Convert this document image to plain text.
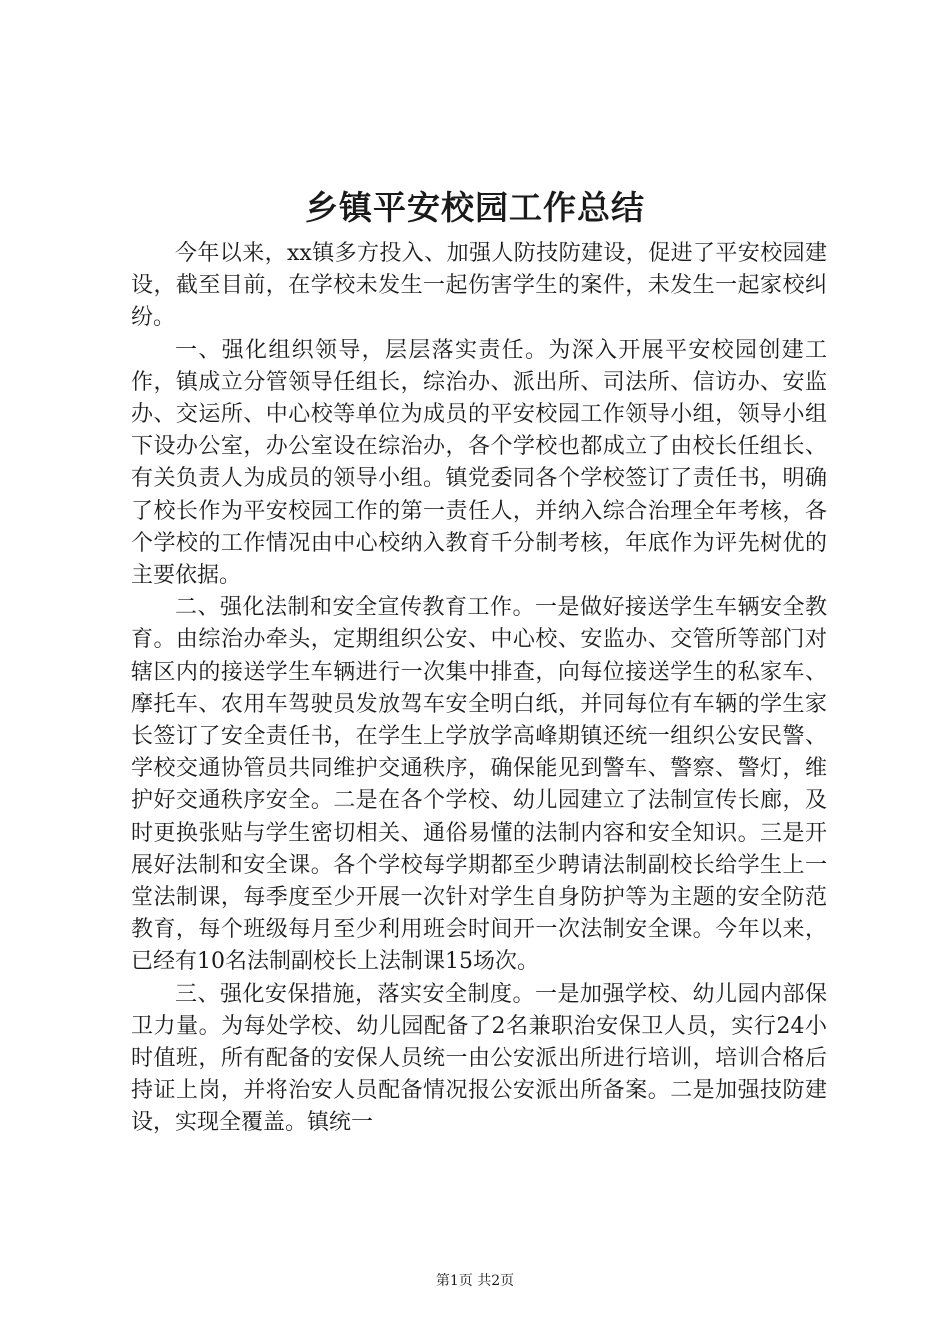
乡镇平安校园工作总结

今年以来，xx镇多方投入、加强人防技防建设，促进了平安校园建设，截至目前，在学校未发生一起伤害学生的案件，未发生一起家校纠纷。

一、强化组织领导，层层落实责任。为深入开展平安校园创建工作，镇成立分管领导任组长，综治办、派出所、司法所、信访办、安监办、交运所、中心校等单位为成员的平安校园工作领导小组，领导小组下设办公室，办公室设在综治办，各个学校也都成立了由校长任组长、有关负责人为成员的领导小组。镇党委同各个学校签订了责任书，明确了校长作为平安校园工作的第一责任人，并纳入综合治理全年考核，各个学校的工作情况由中心校纳入教育千分制考核，年底作为评先树优的主要依据。

二、强化法制和安全宣传教育工作。一是做好接送学生车辆安全教育。由综治办牵头，定期组织公安、中心校、安监办、交管所等部门对辖区内的接送学生车辆进行一次集中排查，向每位接送学生的私家车、摩托车、农用车驾驶员发放驾车安全明白纸，并同每位有车辆的学生家长签订了安全责任书，在学生上学放学高峰期镇还统一组织公安民警、学校交通协管员共同维护交通秩序，确保能见到警车、警察、警灯，维护好交通秩序安全。二是在各个学校、幼儿园建立了法制宣传长廊，及时更换张贴与学生密切相关、通俗易懂的法制内容和安全知识。三是开展好法制和安全课。各个学校每学期都至少聘请法制副校长给学生上一堂法制课，每季度至少开展一次针对学生自身防护等为主题的安全防范教育，每个班级每月至少利用班会时间开一次法制安全课。今年以来，已经有10名法制副校长上法制课15场次。

三、强化安保措施，落实安全制度。一是加强学校、幼儿园内部保卫力量。为每处学校、幼儿园配备了2名兼职治安保卫人员，实行24小时值班，所有配备的安保人员统一由公安派出所进行培训，培训合格后持证上岗，并将治安人员配备情况报公安派出所备案。二是加强技防建设，实现全覆盖。镇统一

第1页 共2页
